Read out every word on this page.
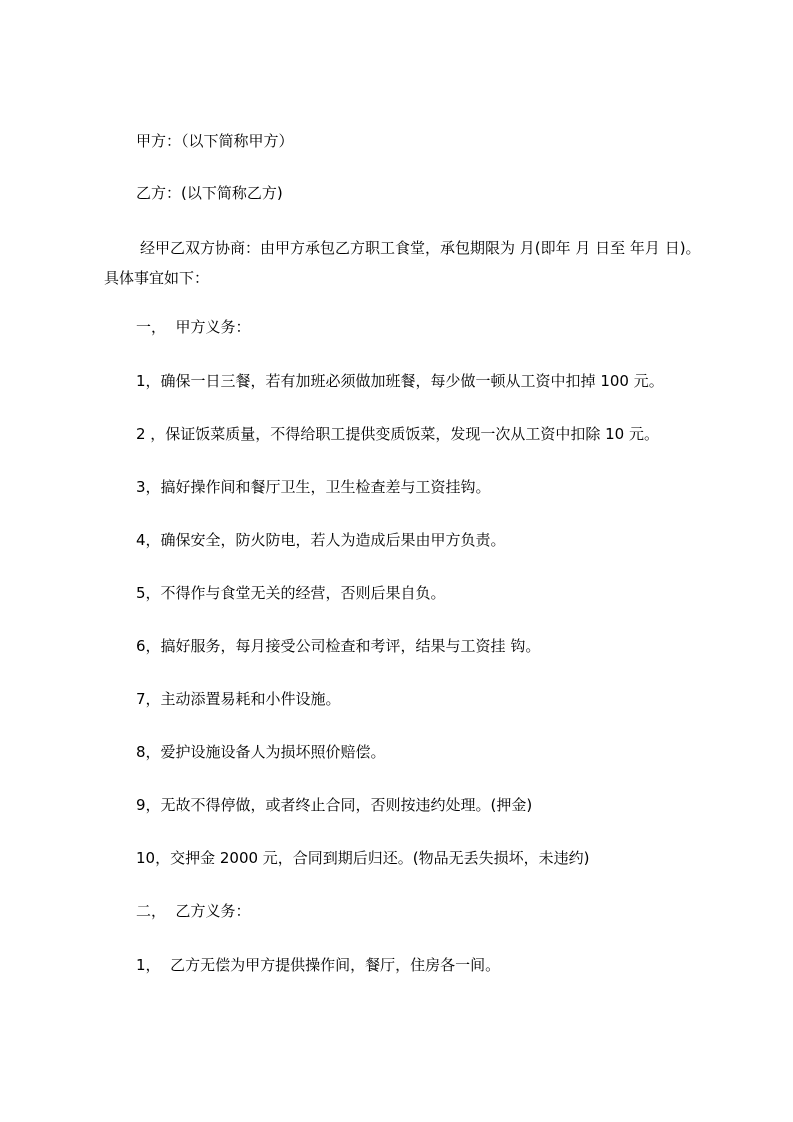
甲方：（以下简称甲方）

乙方：(以下简称乙方)

经甲乙双方协商：由甲方承包乙方职工食堂，承包期限为 月(即年 月 日至 年月 日)。具体事宜如下：

一，  甲方义务：

1，确保一日三餐，若有加班必须做加班餐，每少做一顿从工资中扣掉 100 元。

2 ，保证饭菜质量，不得给职工提供变质饭菜，发现一次从工资中扣除 10 元。

3，搞好操作间和餐厅卫生，卫生检查差与工资挂钩。

4，确保安全，防火防电，若人为造成后果由甲方负责。

5，不得作与食堂无关的经营，否则后果自负。

6，搞好服务，每月接受公司检查和考评，结果与工资挂 钩。

7，主动添置易耗和小件设施。

8，爱护设施设备人为损坏照价赔偿。

9，无故不得停做，或者终止合同，否则按违约处理。(押金)

10，交押金 2000 元，合同到期后归还。(物品无丢失损坏，未违约)

二，  乙方义务：

1，  乙方无偿为甲方提供操作间，餐厅，住房各一间。
